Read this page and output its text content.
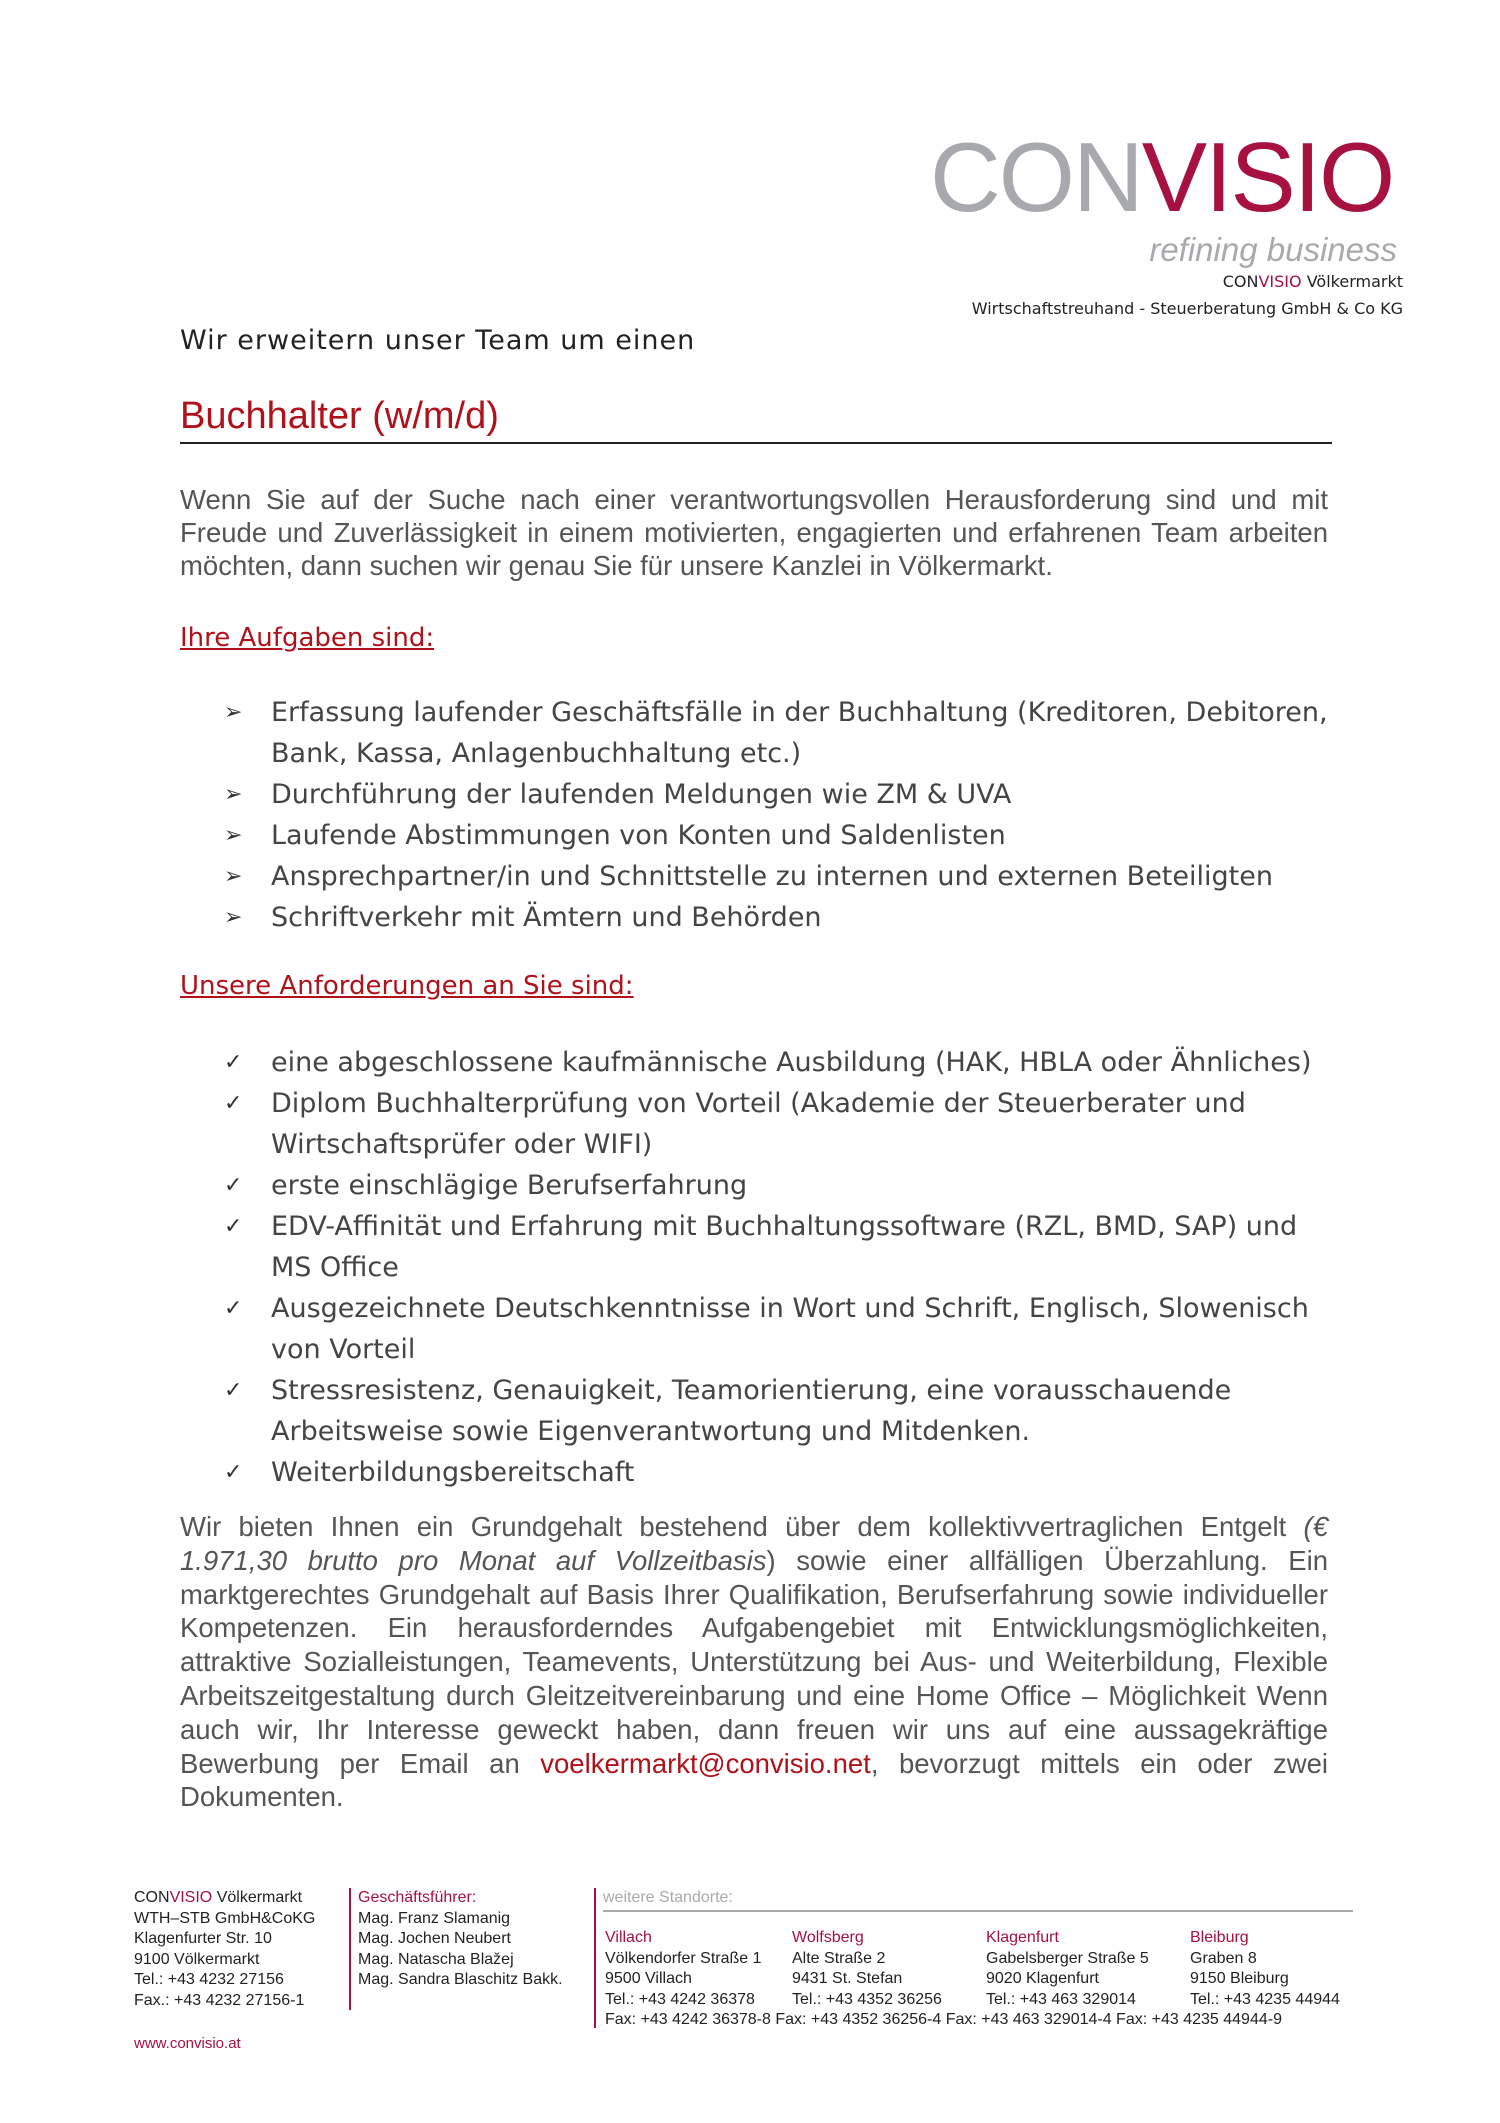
CONVISIO
refining business
CONVISIO Völkermarkt
Wirtschaftstreuhand - Steuerberatung GmbH & Co KG
Wir erweitern unser Team um einen
Buchhalter (w/m/d)
Wenn Sie auf der Suche nach einer verantwortungsvollen Herausforderung sind und mit Freude und Zuverlässigkeit in einem motivierten, engagierten und erfahrenen Team arbeiten möchten, dann suchen wir genau Sie für unsere Kanzlei in Völkermarkt.
Ihre Aufgaben sind:
➢ Erfassung laufender Geschäftsfälle in der Buchhaltung (Kreditoren, Debitoren, Bank, Kassa, Anlagenbuchhaltung etc.)
➢ Durchführung der laufenden Meldungen wie ZM & UVA
➢ Laufende Abstimmungen von Konten und Saldenlisten
➢ Ansprechpartner/in und Schnittstelle zu internen und externen Beteiligten
➢ Schriftverkehr mit Ämtern und Behörden
Unsere Anforderungen an Sie sind:
✓ eine abgeschlossene kaufmännische Ausbildung (HAK, HBLA oder Ähnliches)
✓ Diplom Buchhalterprüfung von Vorteil (Akademie der Steuerberater und Wirtschaftsprüfer oder WIFI)
✓ erste einschlägige Berufserfahrung
✓ EDV-Affinität und Erfahrung mit Buchhaltungssoftware (RZL, BMD, SAP) und MS Office
✓ Ausgezeichnete Deutschkenntnisse in Wort und Schrift, Englisch, Slowenisch von Vorteil
✓ Stressresistenz, Genauigkeit, Teamorientierung, eine vorausschauende Arbeitsweise sowie Eigenverantwortung und Mitdenken.
✓ Weiterbildungsbereitschaft
Wir bieten Ihnen ein Grundgehalt bestehend über dem kollektivvertraglichen Entgelt (€ 1.971,30 brutto pro Monat auf Vollzeitbasis) sowie einer allfälligen Überzahlung. Ein marktgerechtes Grundgehalt auf Basis Ihrer Qualifikation, Berufserfahrung sowie individueller Kompetenzen. Ein herausforderndes Aufgabengebiet mit Entwicklungsmöglichkeiten, attraktive Sozialleistungen, Teamevents, Unterstützung bei Aus- und Weiterbildung, Flexible Arbeitszeitgestaltung durch Gleitzeitvereinbarung und eine Home Office – Möglichkeit Wenn auch wir, Ihr Interesse geweckt haben, dann freuen wir uns auf eine aussagekräftige Bewerbung per Email an voelkermarkt@convisio.net, bevorzugt mittels ein oder zwei Dokumenten.
CONVISIO Völkermarkt
WTH–STB GmbH&CoKG
Klagenfurter Str. 10
9100 Völkermarkt
Tel.: +43 4232 27156
Fax.: +43 4232 27156-1
Geschäftsführer:
Mag. Franz Slamanig
Mag. Jochen Neubert
Mag. Natascha Blažej
Mag. Sandra Blaschitz Bakk.
weitere Standorte:
Villach
Völkendorfer Straße 1
9500 Villach
Tel.: +43 4242 36378
Wolfsberg
Alte Straße 2
9431 St. Stefan
Tel.: +43 4352 36256
Klagenfurt
Gabelsberger Straße 5
9020 Klagenfurt
Tel.: +43 463 329014
Bleiburg
Graben 8
9150 Bleiburg
Tel.: +43 4235 44944
Fax: +43 4242 36378-8 Fax: +43 4352 36256-4 Fax: +43 463 329014-4 Fax: +43 4235 44944-9
www.convisio.at
